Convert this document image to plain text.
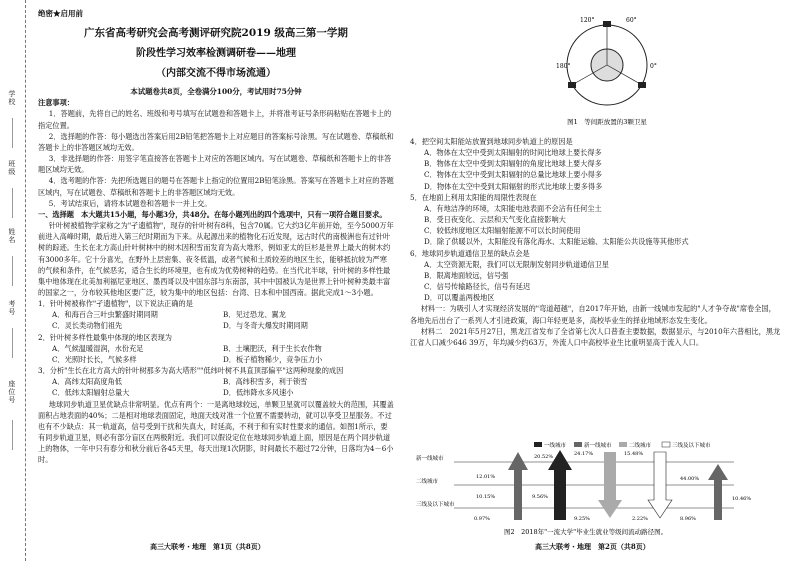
学校
班级
姓名
考号
座位号
绝密★启用前
广东省高考研究会高考测评研究院2019 级高三第一学期
阶段性学习效率检测调研卷——地理
（内部交流不得市场流通）
本试题卷共8页，全卷满分100分，考试用时75分钟
注意事项：

1．答题前，先将自己的姓名、班级和考号填写在试题卷和答题卡上，并将准考证号条形码粘贴在答题卡上的指定位置。

2．选择题的作答：每小题选出答案后用2B铅笔把答题卡上对应题目的答案标号涂黑。写在试题卷、草稿纸和答题卡上的非答题区域均无效。

3．非选择题的作答：用签字笔直接答在答题卡上对应的答题区域内。写在试题卷、草稿纸和答题卡上的非答题区域均无效。

4．选考题的作答：先把所选题目的题号在答题卡上指定的位置用2B铅笔涂黑。答案写在答题卡上对应的答题区域内，写在试题卷、草稿纸和答题卡上的非答题区域均无效。

5．考试结束后，请将本试题卷和答题卡一并上交。

一、选择题　本大题共15小题，每小题3分，共48分。在每小题列出的四个选项中，只有一项符合题目要求。

针叶树被植物学家称之为"孑遗植物"，现存的针叶树有8科，包含70属。它大约3亿年前开始，至今5000万年前进入高峰时期，最后进入第三纪时期而为下来。从起源出来的植物化石近发现，远古时代的南极洲也有过针叶树的踪迹。生长在北方高山针叶树林中的树木因积雪而发育为高大堆形，例如亚太的巨杉是世界上最大的树木约有3000多年。它十分喜光，在野外上层密集、夜冬低温，或者气候和土质较差的地区生长，能够抵抗较为严寒的气候和条件，在气候恶劣，适合生长的环境里，也有成为优势树种的趋势。在当代北半球，针叶树的多样性最集中地体现在北美加利福尼亚地区、墨西哥以及中国东部与东南部，其中中国被认为是世界上针叶树种类最丰富的国家之一，分布较其他地区要广泛，较为集中的地区包括：台湾、日本和中国西南。据此完成1～3小题。

1．针叶树被称作"孑遗植物"，以下说法正确的是
A．和海百合三叶虫繁盛时期同期	B．见过恐龙、翼龙
C．灵长类动物们祖先	D．与冬奇大爆发时期同期
2．针叶树多样性最集中体现的地区表现为
A．气候温暖湿润，水份充足	B．土壤肥沃，利于生长农作物
C．光照时长长，气候多样	D．板子植物稀少，竞争压力小
3．分析"生长在北方高大的针叶树那多为高大塔形""低纬叶树不具直顶部偏平"这两种现象的成因
A．高纬太阳高度角低	B．高纬积雪多，利于锁雪
C．低纬太阳辐射总量大	D．低纬降水多风速小

地球同步轨道卫星优缺点非常明显。优点有两个：一是离地球较远，单颗卫星就可以覆盖较大的范围，其覆盖面积占地表面的40%；二是相对地球表面固定，地面天线对准一个位置不需要转动，就可以享受卫星服务。不过也有不少缺点：其一轨道高，信号受到干扰和失真大，时延高，不利于和有实时性要求的通信。如图1所示，要有同步轨道卫星，则必有部分盲区在两极附近。我们可以假设定位在地球同步轨道上面，原因是在两个同步轨道上的物体，一年中只有春分和秋分前后各45天里，每天出现1次阴影，时间最长不超过72分钟，日落均为4－6小时。

高三大联考・地理　第1页（共8页）
180°	0°
60°
120°
图1　等间距放置的3颗卫星
4．把空间太阳能站放置到地球同步轨道上的原因是
A．物体在太空中受到太阳辐射的时间比地球上要长得多
B．物体在太空中受到太阳辐射的角度比地球上要大得多
C．物体在太空中受到太阳辐射的总量比地球上要小得多
D．物体在太空中受到太阳辐射的形式比地球上要多得多
5．在地面上利用太阳能的局限性表现在
A．有地洁净的环境，太阳能电池表面不会沾有任何尘土
B．受日夜变化、云层和天气变化直接影响大
C．较低纬度地区太阳辐射能源不可以长时间使用
D．除了供暖以外，太阳能没有落化海水、太阳能运输、太阳能公共设施等其他形式
6．地球同步轨道通信卫星的缺点会是
A．太空资源无限，我们可以无限制发射同步轨道通信卫星
B．限离地面较远，信号强
C．信号传输路径长，信号有延迟
D．可以覆盖两极地区

材料一：为吸引人才实现经济发展的"弯道超越"，自2017年开始，由新一线城市发起的"人才争夺战"席卷全国，各地先后出台了一系列人才引进政策，海口年轻更是多，高校毕业生的择业地域形态发生变化。

材料二　2021年5月27日，黑龙江省发布了全省第七次人口普查主要数据，数据显示，与2010年六普相比，黑龙江省人口减少646 39万，年均减少约63万，外流人口中高校毕业生比重明显高于流入人口。

一线城市	新一线城市	二线城市	三线及以下城市
新一线城市
二线城市
三线及以下城市
20.52%	24.17%	15.48%
12.01%
10.15%	9.56%
44.00%
10.46%
0.97%	9.25%	2.22%	8.96%
图2　2018年"一流大学"毕业生就业等级间流动路径图。
高三大联考・地理　第2页（共8页）
